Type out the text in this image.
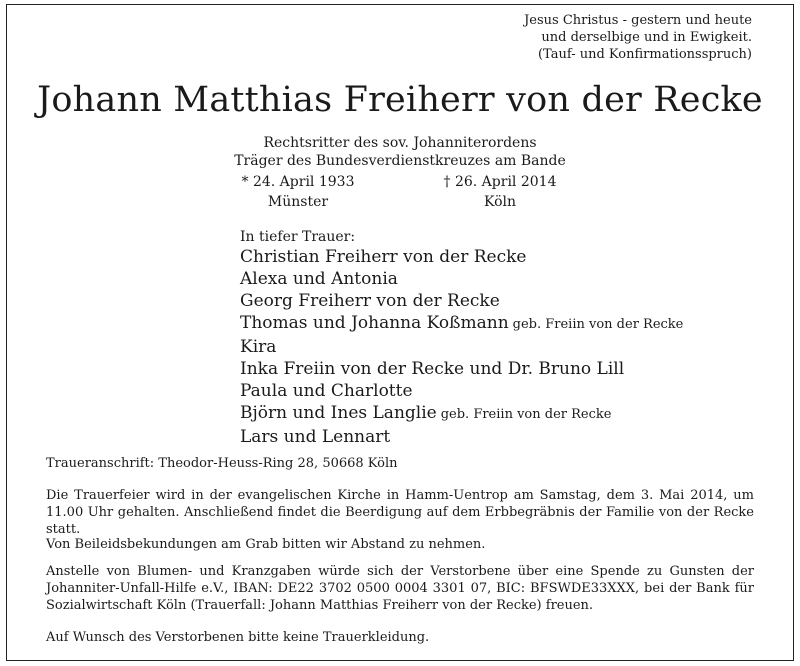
Jesus Christus - gestern und heute
und derselbige und in Ewigkeit.
(Tauf- und Konfirmationsspruch)
Johann Matthias Freiherr von der Recke
Rechtsritter des sov. Johanniterordens
Träger des Bundesverdienstkreuzes am Bande
* 24. April 1933
Münster
† 26. April 2014
Köln
In tiefer Trauer:
Christian Freiherr von der Recke
Alexa und Antonia
Georg Freiherr von der Recke
Thomas und Johanna Koßmann geb. Freiin von der Recke
Kira
Inka Freiin von der Recke und Dr. Bruno Lill
Paula und Charlotte
Björn und Ines Langlie geb. Freiin von der Recke
Lars und Lennart
Traueranschrift: Theodor-Heuss-Ring 28, 50668 Köln
Die Trauerfeier wird in der evangelischen Kirche in Hamm-Uentrop am Samstag, dem 3. Mai 2014, um 11.00 Uhr gehalten. Anschließend findet die Beerdigung auf dem Erbbegräbnis der Familie von der Recke statt.
Von Beileidsbekundungen am Grab bitten wir Abstand zu nehmen.
Anstelle von Blumen- und Kranzgaben würde sich der Verstorbene über eine Spende zu Gunsten der Johanniter-Unfall-Hilfe e.V., IBAN: DE22 3702 0500 0004 3301 07, BIC: BFSWDE33XXX, bei der Bank für Sozialwirtschaft Köln (Trauerfall: Johann Matthias Freiherr von der Recke) freuen.
Auf Wunsch des Verstorbenen bitte keine Trauerkleidung.
